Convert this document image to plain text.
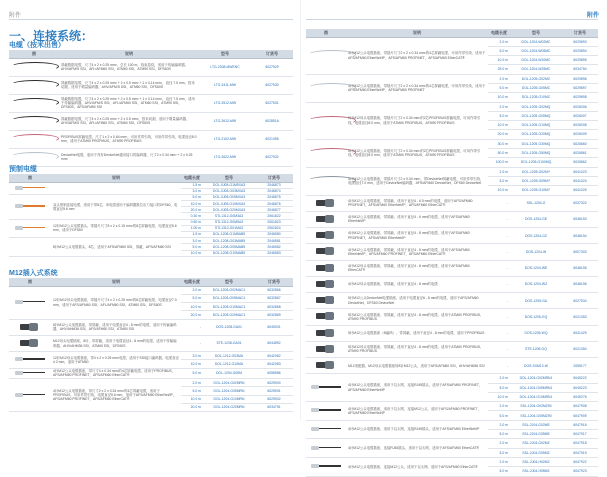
附件	附件
一、连接系统：
电缆（按米出售）
图	说明	型号	订货号
	屏蔽数据电缆，尺寸4 x 2 x 0.25 mm²，总长 100 m，线束卷绕，适用于传输编码器，AHV/AFM/S SSI、AFL/AFM60 SSI、ATM60 SSI、ATM90 SSI、DFS60S	LTG-2308-MWENC	6027529
	屏蔽数据电缆，尺寸4 x 2 x 0.25 mm² + 2 x 0.5 mm² + 1 x 0.14 mm²，直径 7.5 mm，按米切割，适用于增量编码器、AHV/AFM/S SSI、ATM60 SSI、DFS60S	LTG-2411-MW	6027530
	屏蔽数据电缆，尺寸4 x 2 x 0.25 mm² + 2 x 0.5 mm² + 1 x 0.14 mm²，直径 7.5 mm，适用于传输编码器，AHV/AFM/S SSI、AFL/AFM60 SSI、ATM60 SSI、ATM90 SSI、DFS60S、AFS/AFM60 SSI	LTG-2512-MW	6027531
	屏蔽数据电缆，尺寸4 x 2 x 0.25 mm² + 2 x 0.5 mm²，按米切割，适用于增量编码器，AHV/AFM/S SSI、AFL/AFM60 SSI、ATM60 SSI、DFS60S	LTG-2612-MW	6028516
	PROFIBUS屏蔽电缆，尺寸1 x 2 x 0.64 mm²，可用作带引线，可用作带引线，电缆直径8.0 mm，适用于ATM60 PROFIBUS，ATM90 PROFIBUS	LTG-2102-MW	6021355
	DeviceNet电缆，适用于具有DeviceNet通讯接口的编码器，尺寸2 x 0.34 mm² + 2 x 0.25 mm²	LTG-2622-MW	6027532
预制电缆
图	说明	电缆长度	型号	订货号
		1.5 m	DOL-0J08-G1M5XA3	2046873
		3.0 m	DOL-0J08-G03MXA3	2046874
	双头预制连接电缆，适用于带8芯，单电缆适用于编码器数位出力接口的DFS60，电缆直径5.6 mm	5.0 m	DOL-0J08-G05MXA3	2046875
		10.0 m	DOL-0J08-G10MXA3	2046876
		20.0 m	DOL-0J08-G20MXA3	2046877
		0.30 m	STL1312-G0M3A3	2061822
	12针M12公头电缆插头，带插片尺寸8 x 2 x 0.15 mm²的8芯屏蔽电缆，电缆直径5.6 mm，适用于DFS60	0.50 m	STL1312-G0M5A3	2061823
		1.00 m	STL1312-G01MA3	2061824
		1.5 m	DOL-1208-G1M5AB5	2046580
	8针M12公头电缆插头，8芯，适用于AFS/AFM60 SSI，屏蔽，AFS/AFM60 SSI	3.0 m	DOL-1208-G03MAB5	2046581
		5.0 m	DOL-1208-G05MAB5	2046582
		10.0 m	DOL-1208-G10MAB5	2046583
M12插入式系统
图	说明	电缆长度	型号	订货号
	12针M12母头电缆插座，带插片尺寸4 x 2 x 0.25 mm²的8芯屏蔽电缆，电缆直径7.0 mm，适用于AFS/AFM60 SSI、AFL/AFM60 SSI、ATM60 SSI、DFS60S	2.0 m	DOL-1208-G02MAC1	6032866
		5.0 m	DOL-1208-G05MAC1	6032867
		10.0 m	DOL-1208-G10MAC1	6032868
		20.0 m	DOL-1208-G20MAC1	6032869
	8针M12公头电缆插座，带屏蔽，适用于电缆直径4 - 8 mm的电缆，适用于传输编码器，AHV/AHM36 SSI、AFS/AFM60 SSI、ATM60 SSI	-	DOS-1208-GA01	6045001
	M12母头电缆插座，8针，带屏蔽，适用于电缆直径4 - 8 mm的电缆，适用于传输编码器，AHV/AHM36 SSI，ATM60 SSI，DFS60S	-	STE-1208-GA01	6044892
	12针M12母头电缆插座，带4 x 2 x 0.25 mm²电缆，适用于SSI接口编码器，电缆直径4.2 mm，适用于ATM60	3.0 m	DOL-1212-G03MA	6042082
		10.0 m	DOL-1212-G10MA	6042083
	4针M12公头电缆插座，带尺寸4 x 0.34 mm²的4芯屏蔽电缆，适用于PROFIBUS，AFS/AFM60 PROFINET，AFS/AFM60 EtherCAT®	5.0 m	DOL-1204-G05M	6058986
	4针M12公头电缆插座，带尺寸2 x 2 x 0.34 mm²的4芯屏蔽电缆，适用于PROFIBUS，可用作带引线，电缆直径5.6 mm，适用于AFS/AFM60 EtherNet/IP，AFS/AFM60 PROFINET，AFS/AFM60 EtherCAT®	2.0 m	DOL-1204-G02MRN	6025900
		5.0 m	DOL-1204-G05MRN	6025901
		10.0 m	DOL-1204-G10MRN	6025902
		20.0 m	DOL-1204-G20MRN	6034751
图	说明	电缆长度	型号	订货号
	4针M12公头电缆插座，带插片尺寸2 x 2 x 0.34 mm²的4芯屏蔽电缆，可用作带引线，适用于AFS/AFM60 EtherNet/IP，AFS/AFM60 PROFINET，AFS/AFM60 EtherCAT®	2.0 m	DOL-1204-W02MC	6029893
		5.0 m	DOL-1204-W05MC	6029894
		10.0 m	DOL-1204-W10MC	6029895
		25.0 m	DOL-1204-W25MC	6034754
	4针M12公头电缆插座，带插片尺寸2 x 2 x 0.34 mm²的4芯屏蔽电缆，可用作带引线，适用于AFS/AFM60 EtherNet/IP，AFS/AFM60 PROFINET	2.0 m	DOL-1205-G02MC	6029896
		5.0 m	DOL-1205-G05MC	6029897
		10.0 m	DOL-1205-G10MC	6029898
	5针M12母头电缆插座，带插片尺寸2 x 0.34 mm²的2芯PROFIBUS屏蔽电缆，可用作带引线，电缆直径8.0 mm，适用于ATM60 PROFIBUS，ATM90 PROFIBUS	2.0 m	DOL-1205-G02MQ	6026006
		5.0 m	DOL-1205-G05MQ	6026007
		10.0 m	DOL-1205-G10MQ	6026008
		20.0 m	DOL-1205-G20MQ	6026009
	5针M12公头电缆插座，带插片尺寸2 x 0.34 mm²的2芯PROFIBUS屏蔽电缆，可用作带引线，电缆直径8.0 mm，适用于ATM60 PROFIBUS，ATM90 PROFIBUS	30.0 m	DOL-1205-G30MQ	6026860
		50.0 m	DOL-1205-G50MQ	6026861
		100.0 m	DOL-1205-G100MQ	6026862
	5针M12公头电缆插座，带插片尺寸2 x 0.34 mm²，带DeviceNet屏蔽电缆，可用作带引线，电缆直径7.0 mm，适用于DeviceNet编码器，AFS/AFM60 DeviceNet，DFS60 DeviceNet	2.0 m	DOL-1205-G02MY	6041023
		5.0 m	DOL-1205-G05MY	6041024
		10.0 m	DOL-1205-G10MY	6041025
	4针M12公头电缆插座，带屏蔽，适用于直径4 - 6.5 mm的电缆，适用于AFS/AFM60 PROFINET，AFS/AFM60 EtherNet/IP，AFS/AFM60 EtherCAT®	-	SSL-1204-G	6037322
	4针M12公头电缆插座，带屏蔽，适用于直径4 - 6 mm的电缆，适用于AFS/AFM60 EtherNet/IP	-	DOS-1204-GE	6048153
	4针M12公头电缆插座，带屏蔽，适用于直径4 - 8 mm的电缆，适用于AFS/AFM60 PROFINET，AFS/AFM60 EtherNet/IP	-	DOS-1204-GZ	6048154
	4针M12公头电缆插座，带屏蔽，适用于直径4 - 8 mm的电缆，适用于AFS/AFM60 EtherNet/IP，AFS/AFM60 PROFINET，AFS/AFM60 EtherCAT®	-	DOS-1204-W	6007303
	4针M12母头电缆插座，带屏蔽，适用于直径4 - 8 mm的电缆，适用于AFS/AFM60 EtherCAT®	-	DOS-1204-WE	6048155
	4针M12母头电缆插座，带屏蔽，适用于直径4 - 8 mm的电缆	-	DOS-1204-WZ	6048156
	5针M12公头DeviceNet电缆插座，适用于电缆直径6 - 8 mm的电缆，适用于AFS/AFM60 DeviceNet，DFS60 DeviceNet	-	DOS-1205-GA	6027534
	5针M12公头电缆插座，带屏蔽，适用于直径4 - 8 mm的电缆，适用于ATM60 PROFIBUS，ATM90 PROFIBUS	-	DOS-1205-GQ	6021353
	5针M12公头电缆插座（B编码），带屏蔽，适用于直径4 - 8 mm的电缆，适用于PROFIBUS	-	DOS-1205-WQ	6041429
	5针M12母头电缆插座，带屏蔽，适用于直径4 - 8 mm的电缆，适用于ATM60 PROFIBUS，ATM90 PROFIBUS	-	STE-1205-GQ	6021354
	M12适配器，M12母头电缆插座转8针M12公头，适用于AFS/AFM60 SSI，AHV/AHM36 SSI	-	DOS-SXM12-W	2059177
	4针M12公头电缆插座，适用于以太网，连接RJ45插头，适用于AFS/AFM60 PROFINET，AFS/AFM60 EtherNet/IP	2.0 m	DOL-1204-G02MRN1	6045222
		5.0 m	DOL-1204-G05MRN1	6045223
		10.0 m	DOL-1204-G10MRN1	6045276
	4针M12公头电缆插座，适用于以太网，连接M12公头，适用于AFS/AFM60 PROFINET，AFS/AFM60 EtherNet/IP	2.0 m	SSL-1204-G02MZ90	6047908
		5.0 m	SSL-1204-G05MZ90	6047909
	4针M12公头电缆插座，适用于以太网，连接RJ45插头，适用于AFS/AFM60 EtherNet/IP	2.0 m	SSL-2J04-G02ME	6047916
		5.0 m	SSL-2J04-G05ME	6047917
	4针M12公头电缆插座，连接RJ45插头，适用于以太网，适用于AFS/AFM60 EtherCAT®	2.0 m	SSL-2J04-G02MZ	6047918
		5.0 m	SSL-2J04-G05MZ	6047919
	4针M12公头电缆插座，连接M12公头，适用于以太网，适用于AFS/AFM60 EtherCAT®	2.0 m	SSL-2J04-H02MZ	6047922
		5.0 m	SSL-2J04-H05MZ	6047923
